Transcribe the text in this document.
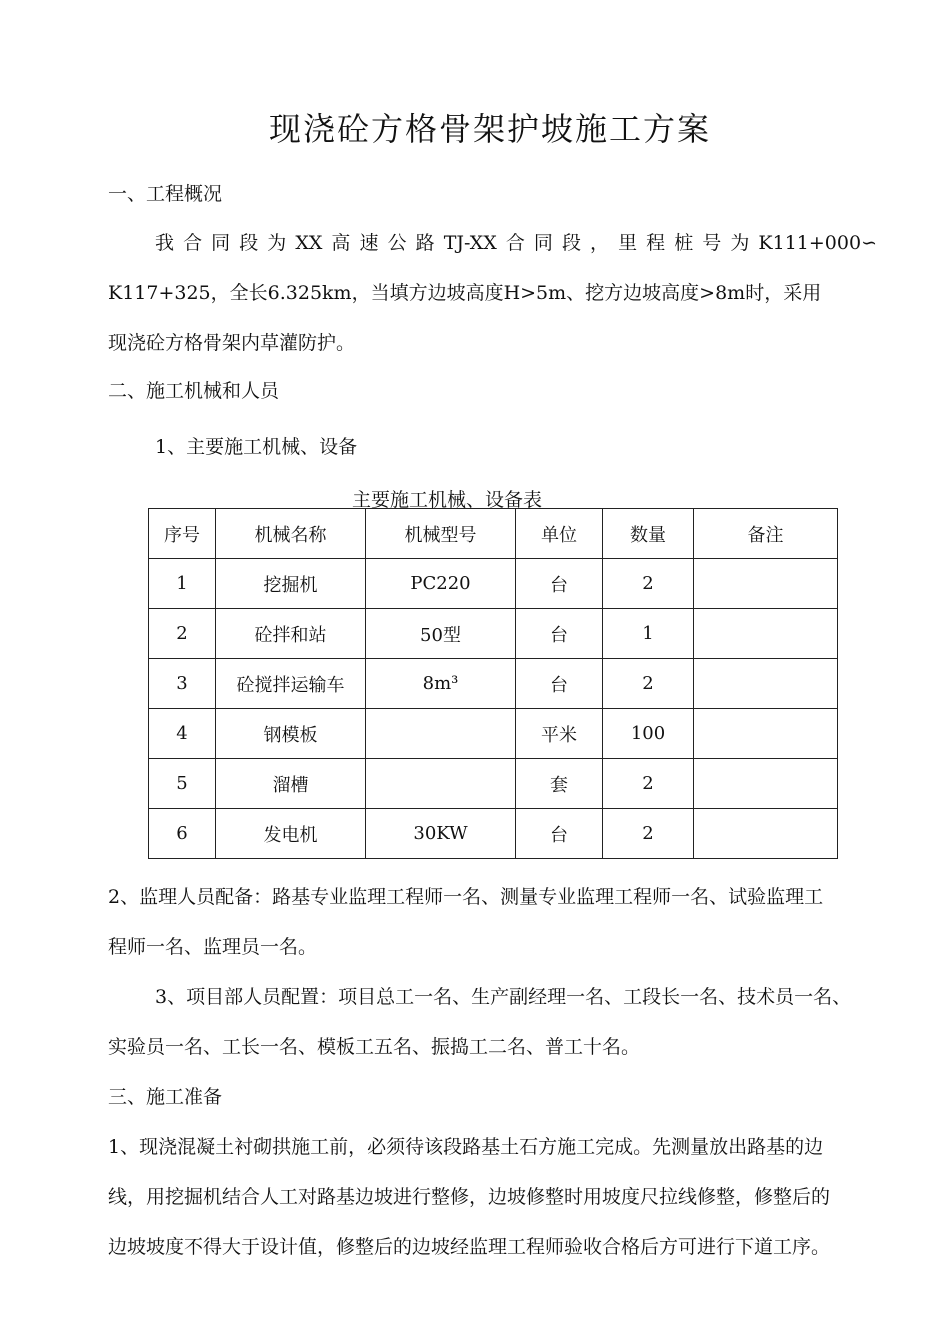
现浇砼方格骨架护坡施工方案

一、工程概况

我合同段为XX高速公路TJ-XX合同段，里程桩号为K111+000∽

K117+325，全长6.325km，当填方边坡高度H>5m、挖方边坡高度>8m时，采用

现浇砼方格骨架内草灌防护。

二、施工机械和人员

1、主要施工机械、设备

主要施工机械、设备表

序号	机械名称	机械型号	单位	数量	备注
1	挖掘机	PC220	台	2	
2	砼拌和站	50型	台	1	
3	砼搅拌运输车	8m³	台	2	
4	钢模板		平米	100	
5	溜槽		套	2	
6	发电机	30KW	台	2	

2、监理人员配备：路基专业监理工程师一名、测量专业监理工程师一名、试验监理工

程师一名、监理员一名。

3、项目部人员配置：项目总工一名、生产副经理一名、工段长一名、技术员一名、

实验员一名、工长一名、模板工五名、振捣工二名、普工十名。

三、施工准备

1、现浇混凝土衬砌拱施工前，必须待该段路基土石方施工完成。先测量放出路基的边

线，用挖掘机结合人工对路基边坡进行整修，边坡修整时用坡度尺拉线修整，修整后的

边坡坡度不得大于设计值，修整后的边坡经监理工程师验收合格后方可进行下道工序。
